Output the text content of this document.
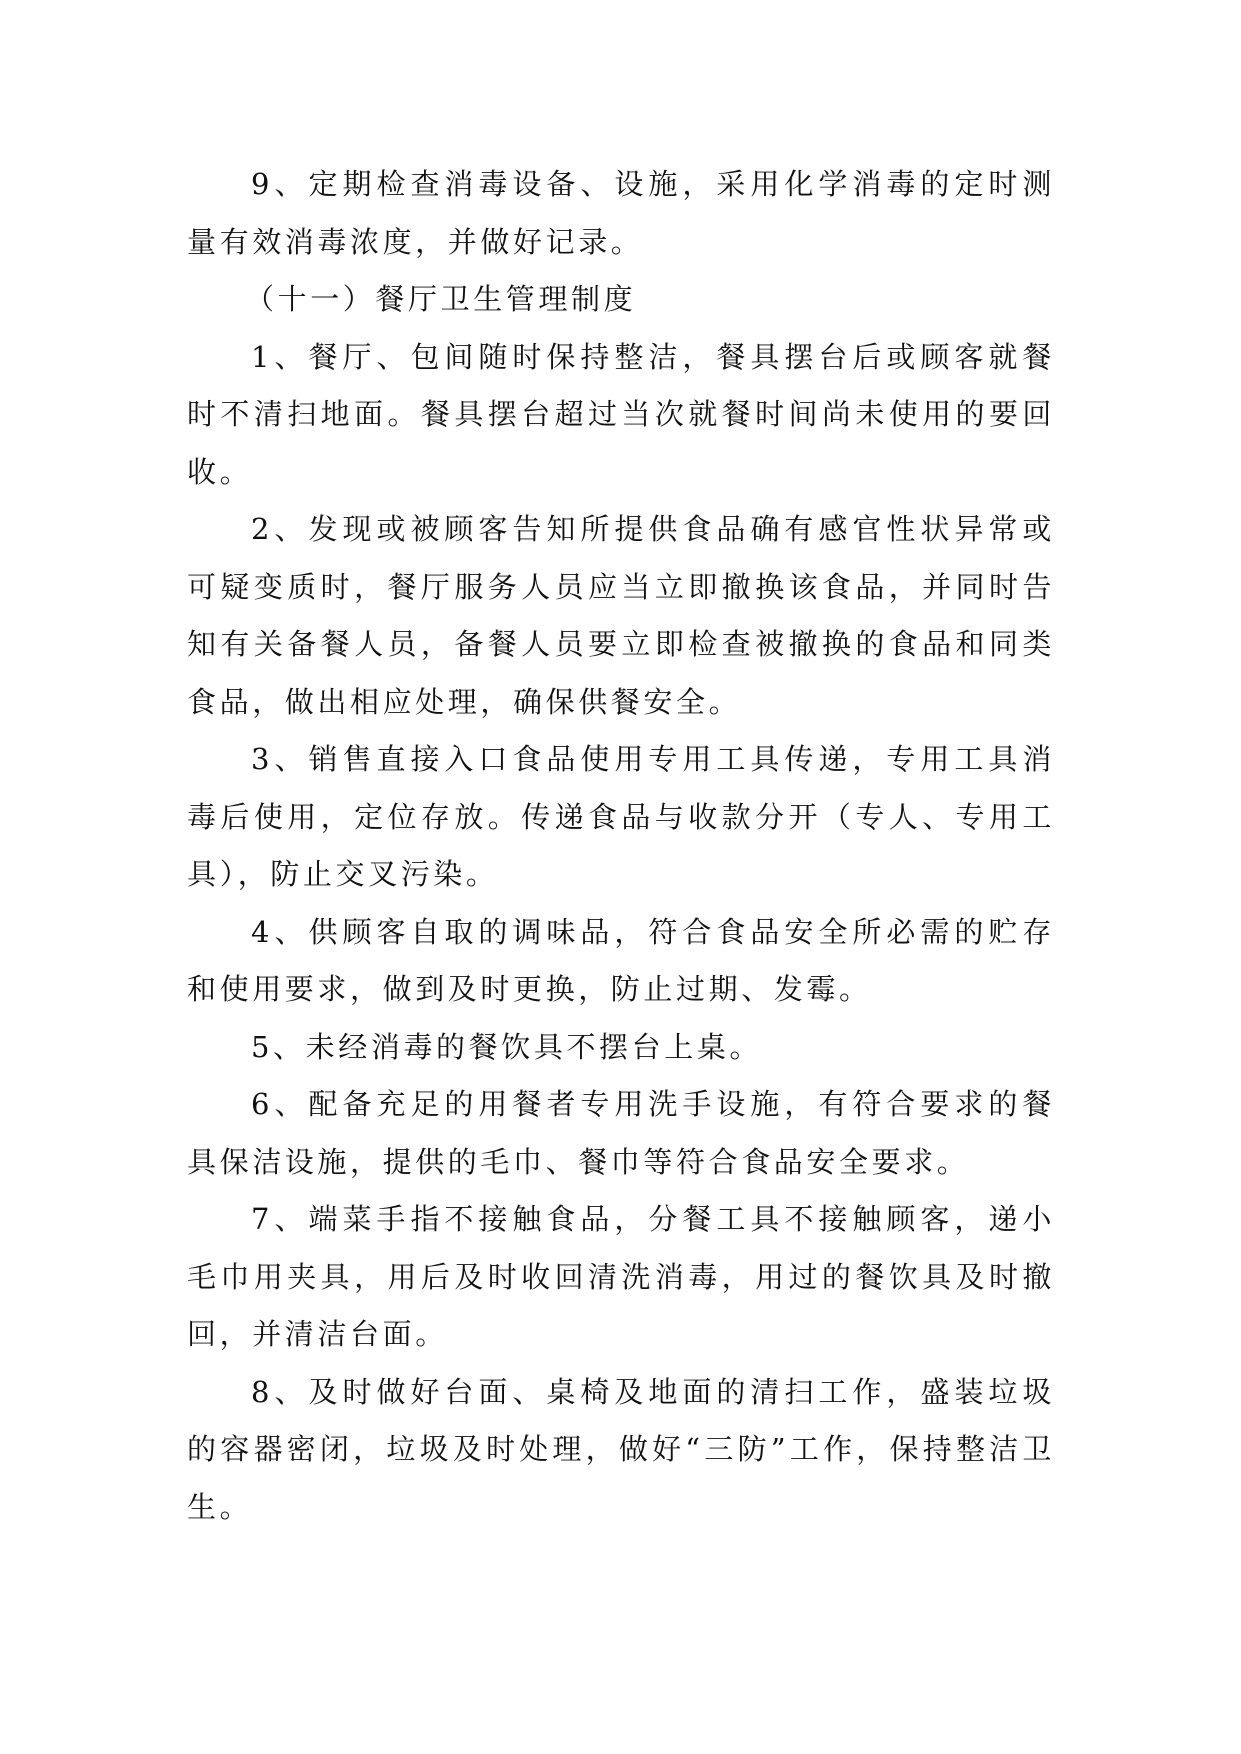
9、定期检查消毒设备、设施，采用化学消毒的定时测量有效消毒浓度，并做好记录。

（十一）餐厅卫生管理制度

1、餐厅、包间随时保持整洁，餐具摆台后或顾客就餐时不清扫地面。餐具摆台超过当次就餐时间尚未使用的要回收。

2、发现或被顾客告知所提供食品确有感官性状异常或可疑变质时，餐厅服务人员应当立即撤换该食品，并同时告知有关备餐人员，备餐人员要立即检查被撤换的食品和同类食品，做出相应处理，确保供餐安全。

3、销售直接入口食品使用专用工具传递，专用工具消毒后使用，定位存放。传递食品与收款分开（专人、专用工具），防止交叉污染。

4、供顾客自取的调味品，符合食品安全所必需的贮存和使用要求，做到及时更换，防止过期、发霉。

5、未经消毒的餐饮具不摆台上桌。

6、配备充足的用餐者专用洗手设施，有符合要求的餐具保洁设施，提供的毛巾、餐巾等符合食品安全要求。

7、端菜手指不接触食品，分餐工具不接触顾客，递小毛巾用夹具，用后及时收回清洗消毒，用过的餐饮具及时撤回，并清洁台面。

8、及时做好台面、桌椅及地面的清扫工作，盛装垃圾的容器密闭，垃圾及时处理，做好“三防”工作，保持整洁卫生。
